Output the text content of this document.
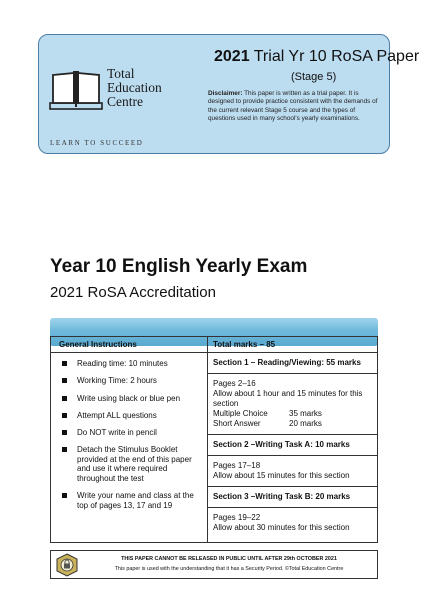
Total
Education
Centre
LEARN TO SUCCEED
2021 Trial Yr 10 RoSA Paper
(Stage 5)
Disclaimer: This paper is written as a trial paper. It is designed to provide practice consistent with the demands of the current relevant Stage 5 course and the types of questions used in many school's yearly examinations.
Year 10 English Yearly Exam
2021 RoSA Accreditation
General Instructions
Reading time: 10 minutes
Working Time: 2 hours
Write using black or blue pen
Attempt ALL questions
Do NOT write in pencil
Detach the Stimulus Booklet provided at the end of this paper and use it where required throughout the test
Write your name and class at the top of pages 13, 17 and 19
Total marks – 85
Section 1 – Reading/Viewing: 55 marks
Pages 2–16
Allow about 1 hour and 15 minutes for this section
Multiple Choice	35 marks
Short Answer	20 marks
Section 2 –Writing Task A: 10 marks
Pages 17–18
Allow about 15 minutes for this section
Section 3 –Writing Task B: 20 marks
Pages 19–22
Allow about 30 minutes for this section
THIS PAPER CANNOT BE RELEASED IN PUBLIC UNTIL AFTER 29th OCTOBER 2021
This paper is used with the understanding that it has a Security Period. ©Total Education Centre
